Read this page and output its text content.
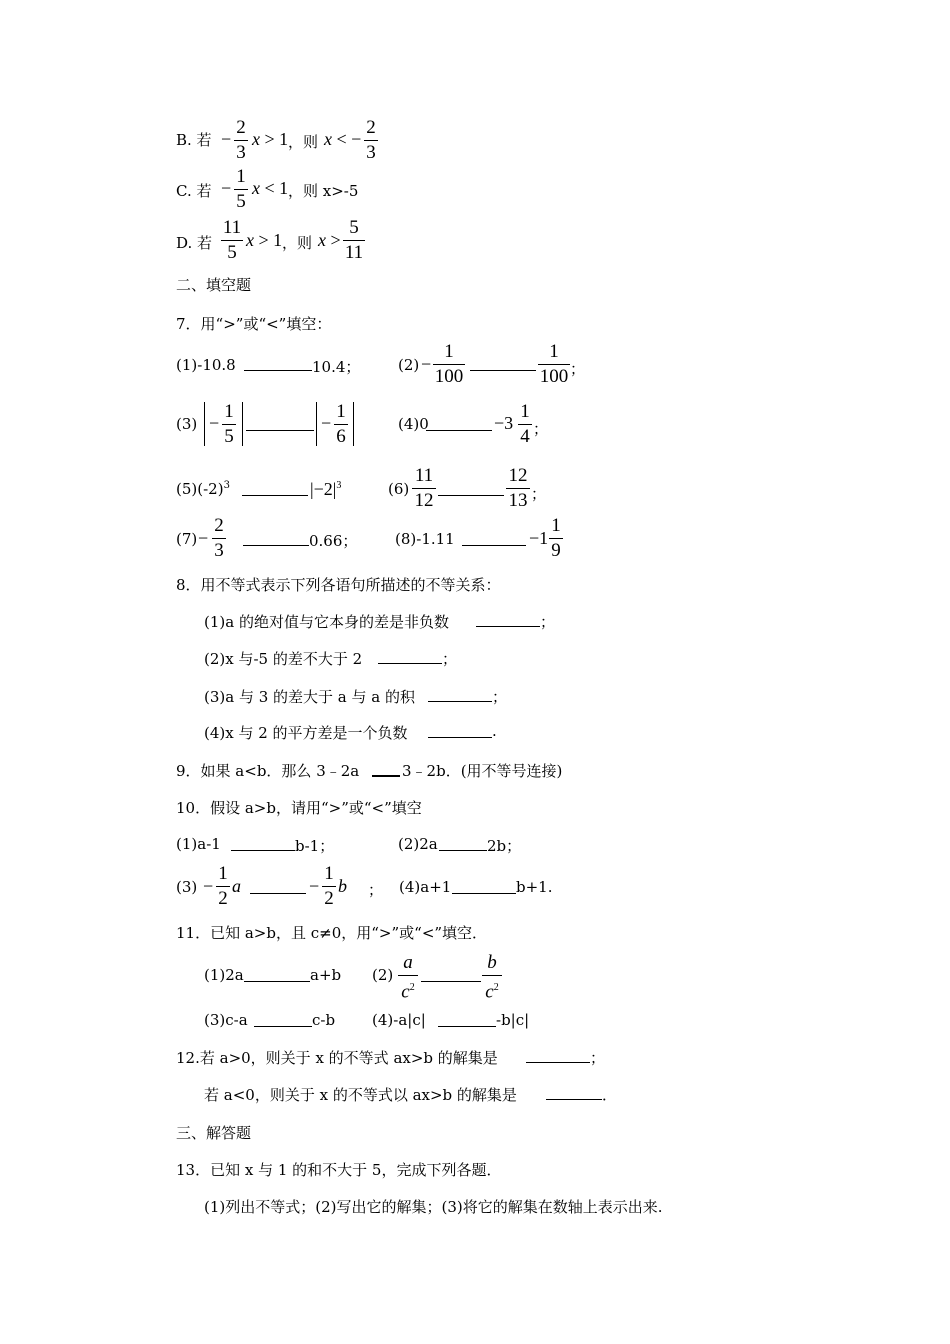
B. 若 −
2
3
x > 1 ，则 x < −
2
3
C. 若 −
1
5
x < 1 ，则 x>-5
D. 若
11
5
x > 1 ，则 x >
5
11
二、填空题
7．用“>”或“<”填空：
(1)-10.8	10.4；	(2) −
1
100
1
100 ；
(3) −
1
5
−
1
6
(4)0	−3
1
4 ；
$(5)(-2)^3$	$|-2|^3$	(6)
11
12
12
13 ；
(7) −
2
3	0.66；	(8)-1.11	−1
1
9
8．用不等式表示下列各语句所描述的不等关系：
(1)a 的绝对值与它本身的差是非负数	；
(2)x 与-5 的差不大于 2	；
(3)a 与 3 的差大于 a 与 a 的积	；
(4)x 与 2 的平方差是一个负数	.
9．如果 a<b．那么 3﹣2a	3﹣2b．(用不等号连接)
10．假设 a>b，请用“>”或“<”填空
(1)a-1	b-1；	(2)2a	2b；
(3) −
1
2
a	−
1
2
b ； (4)a+1	b+1.
11．已知 a>b，且 c≠0，用“>”或“<”填空．
(1)2a	a+b (2)
a
$c^2$
b
$c^2$
(3)c-a	c-b (4)-a|c|	-b|c|
12.若 a>0，则关于 x 的不等式 ax>b 的解集是	；
若 a<0，则关于 x 的不等式以 ax>b 的解集是	．
三、解答题
13．已知 x 与 1 的和不大于 5，完成下列各题．
(1)列出不等式；(2)写出它的解集；(3)将它的解集在数轴上表示出来.
